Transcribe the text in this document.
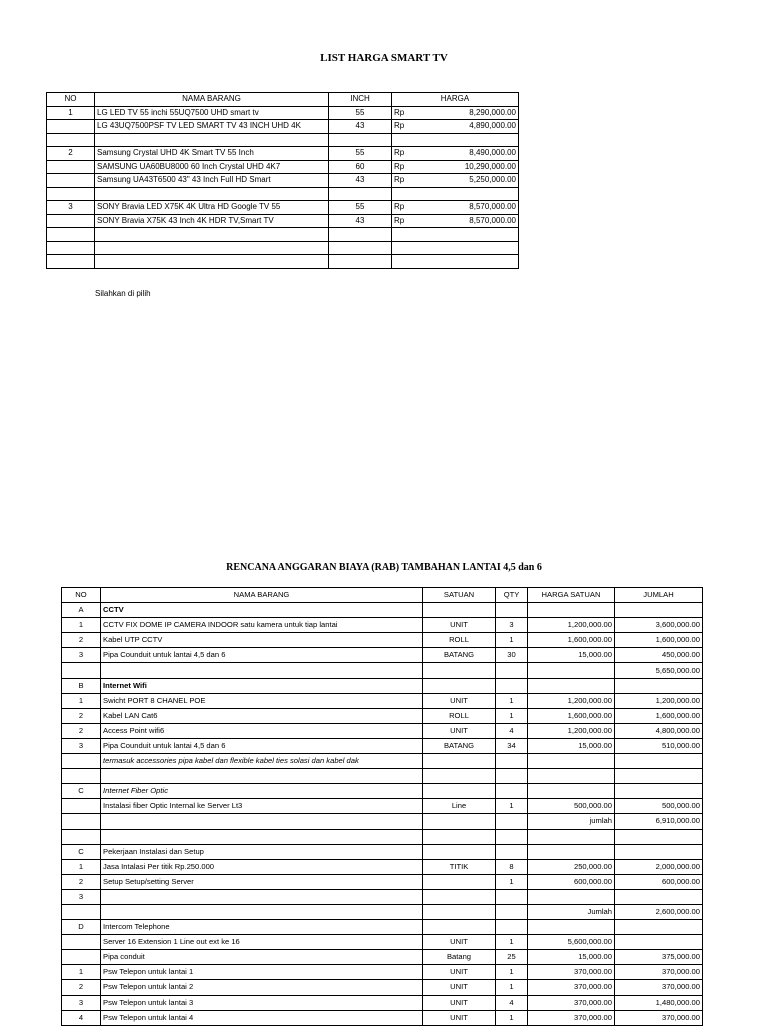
LIST HARGA SMART TV
NO	NAMA BARANG	INCH	HARGA	
1	LG LED TV 55 inchi 55UQ7500 UHD smart tv	55	Rp	8,290,000.00
	LG 43UQ7500PSF TV LED SMART TV 43 INCH UHD 4K	43	Rp	4,890,000.00

2	Samsung Crystal UHD 4K Smart TV 55 Inch	55	Rp	8,490,000.00
	SAMSUNG UA60BU8000 60 Inch Crystal UHD 4K7	60	Rp	10,290,000.00
	Samsung UA43T6500 43" 43 Inch Full HD Smart	43	Rp	5,250,000.00

3	SONY Bravia LED X75K 4K Ultra HD Google TV 55	55	Rp	8,570,000.00
	SONY Bravia X75K 43 Inch 4K HDR TV,Smart TV	43	Rp	8,570,000.00

Silahkan di pilih
RENCANA ANGGARAN BIAYA (RAB) TAMBAHAN LANTAI 4,5 dan 6
NO	NAMA BARANG	SATUAN	QTY	HARGA SATUAN	JUMLAH
A	CCTV				
1	CCTV FIX DOME IP CAMERA INDOOR satu kamera untuk tiap lantai	UNIT	3	1,200,000.00	3,600,000.00
2	Kabel UTP CCTV	ROLL	1	1,600,000.00	1,600,000.00
3	Pipa Counduit untuk lantai 4,5 dan 6	BATANG	30	15,000.00	450,000.00
					5,650,000.00
B	Internet Wifi				
1	Swicht PORT 8 CHANEL POE	UNIT	1	1,200,000.00	1,200,000.00
2	Kabel LAN Cat6	ROLL	1	1,600,000.00	1,600,000.00
2	Access Point wifi6	UNIT	4	1,200,000.00	4,800,000.00
3	Pipa Counduit untuk lantai 4,5 dan 6	BATANG	34	15,000.00	510,000.00
	termasuk accessories pipa kabel dan flexible kabel ties solasi dan kabel dak				

C	Internet Fiber Optic				
	Instalasi fiber Optic Internal ke Server Lt3	Line	1	500,000.00	500,000.00
				jumlah	6,910,000.00

C	Pekerjaan Instalasi dan Setup				
1	Jasa Intalasi Per titik Rp.250.000	TITIK	8	250,000.00	2,000,000.00
2	Setup Setup/setting Server		1	600,000.00	600,000.00
3					
				Jumlah	2,600,000.00
D	Intercom Telephone				
	Server 16 Extension 1 Line out ext ke 16	UNIT	1	5,600,000.00	
	Pipa conduit	Batang	25	15,000.00	375,000.00
1	Psw Telepon untuk lantai 1	UNIT	1	370,000.00	370,000.00
2	Psw Telepon untuk lantai 2	UNIT	1	370,000.00	370,000.00
3	Psw Telepon untuk lantai 3	UNIT	4	370,000.00	1,480,000.00
4	Psw Telepon untuk lantai 4	UNIT	1	370,000.00	370,000.00
